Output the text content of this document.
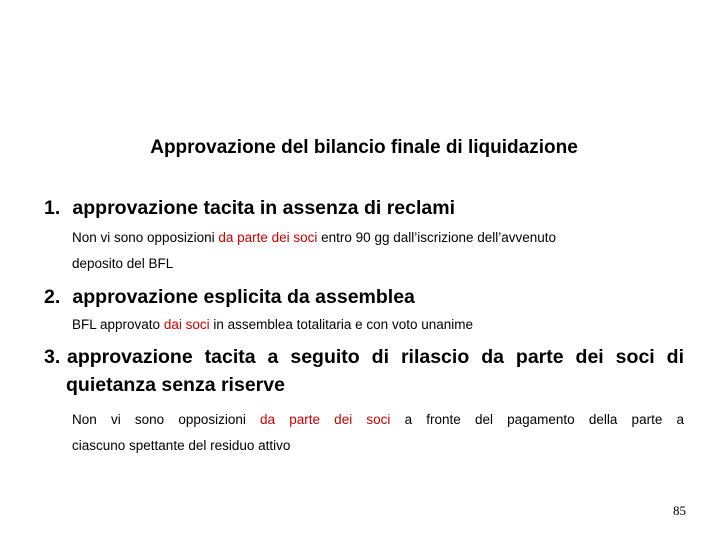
Approvazione del bilancio finale di liquidazione
1. approvazione tacita in assenza di reclami
Non vi sono opposizioni da parte dei soci entro 90 gg dall’iscrizione dell’avvenuto
deposito del BFL
2. approvazione esplicita da assemblea
BFL approvato dai soci in assemblea totalitaria e con voto unanime
3. approvazione tacita a seguito di rilascio da parte dei soci di
quietanza senza riserve
Non vi sono opposizioni da parte dei soci a fronte del pagamento della parte a
ciascuno spettante del residuo attivo
85
